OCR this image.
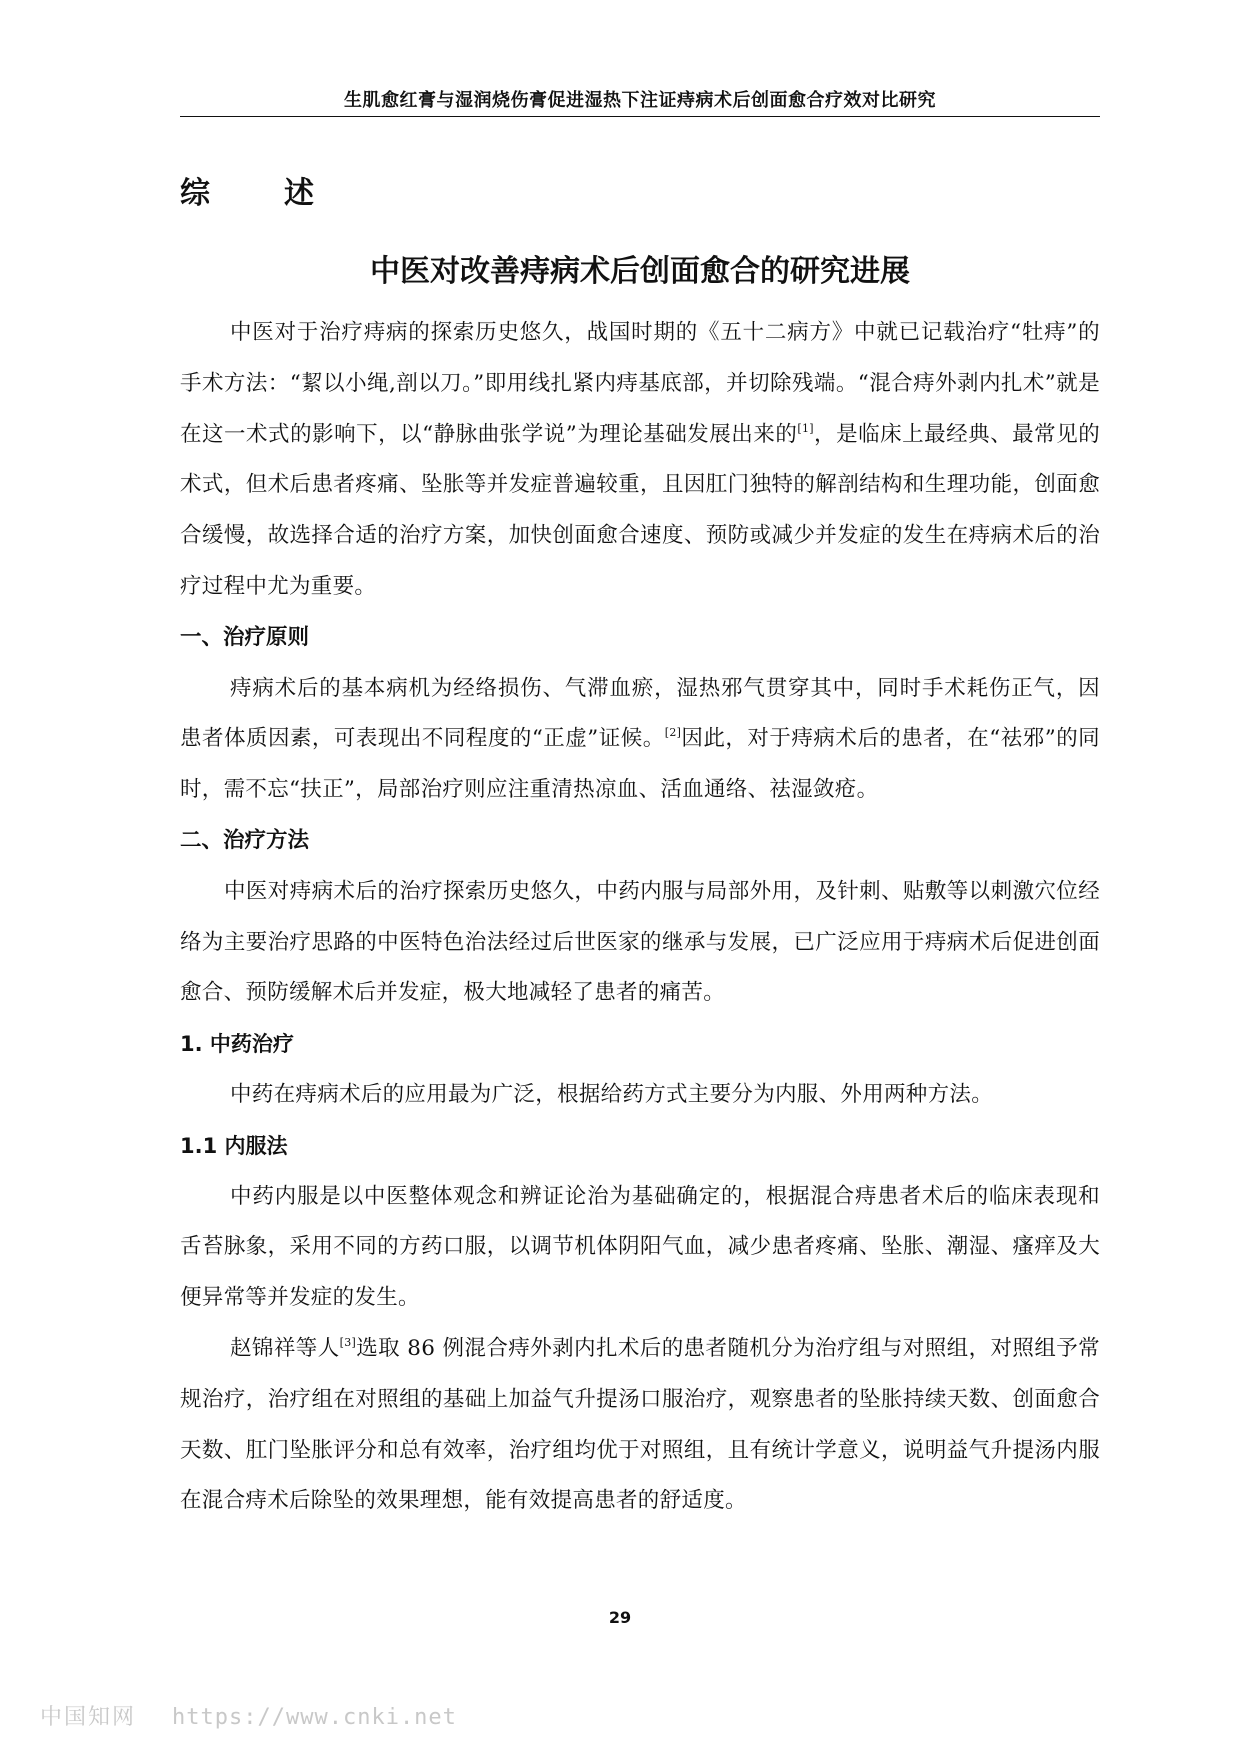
生肌愈红膏与湿润烧伤膏促进湿热下注证痔病术后创面愈合疗效对比研究
综 述
中医对改善痔病术后创面愈合的研究进展

中医对于治疗痔病的探索历史悠久，战国时期的《五十二病方》中就已记载治疗“牡痔”的手术方法：“絜以小绳,剖以刀。”即用线扎紧内痔基底部，并切除残端。“混合痔外剥内扎术”就是在这一术式的影响下，以“静脉曲张学说”为理论基础发展出来的[1]，是临床上最经典、最常见的术式，但术后患者疼痛、坠胀等并发症普遍较重，且因肛门独特的解剖结构和生理功能，创面愈合缓慢，故选择合适的治疗方案，加快创面愈合速度、预防或减少并发症的发生在痔病术后的治疗过程中尤为重要。

一、治疗原则

痔病术后的基本病机为经络损伤、气滞血瘀，湿热邪气贯穿其中，同时手术耗伤正气，因患者体质因素，可表现出不同程度的“正虚”证候。[2]因此，对于痔病术后的患者，在“祛邪”的同时，需不忘“扶正”，局部治疗则应注重清热凉血、活血通络、祛湿敛疮。

二、治疗方法

中医对痔病术后的治疗探索历史悠久，中药内服与局部外用，及针刺、贴敷等以刺激穴位经络为主要治疗思路的中医特色治法经过后世医家的继承与发展，已广泛应用于痔病术后促进创面愈合、预防缓解术后并发症，极大地减轻了患者的痛苦。

1. 中药治疗

中药在痔病术后的应用最为广泛，根据给药方式主要分为内服、外用两种方法。

1.1 内服法

中药内服是以中医整体观念和辨证论治为基础确定的，根据混合痔患者术后的临床表现和舌苔脉象，采用不同的方药口服，以调节机体阴阳气血，减少患者疼痛、坠胀、潮湿、瘙痒及大便异常等并发症的发生。

赵锦祥等人[3]选取 86 例混合痔外剥内扎术后的患者随机分为治疗组与对照组，对照组予常规治疗，治疗组在对照组的基础上加益气升提汤口服治疗，观察患者的坠胀持续天数、创面愈合天数、肛门坠胀评分和总有效率，治疗组均优于对照组，且有统计学意义，说明益气升提汤内服在混合痔术后除坠的效果理想，能有效提高患者的舒适度。

29
中国知网 https://www.cnki.net
